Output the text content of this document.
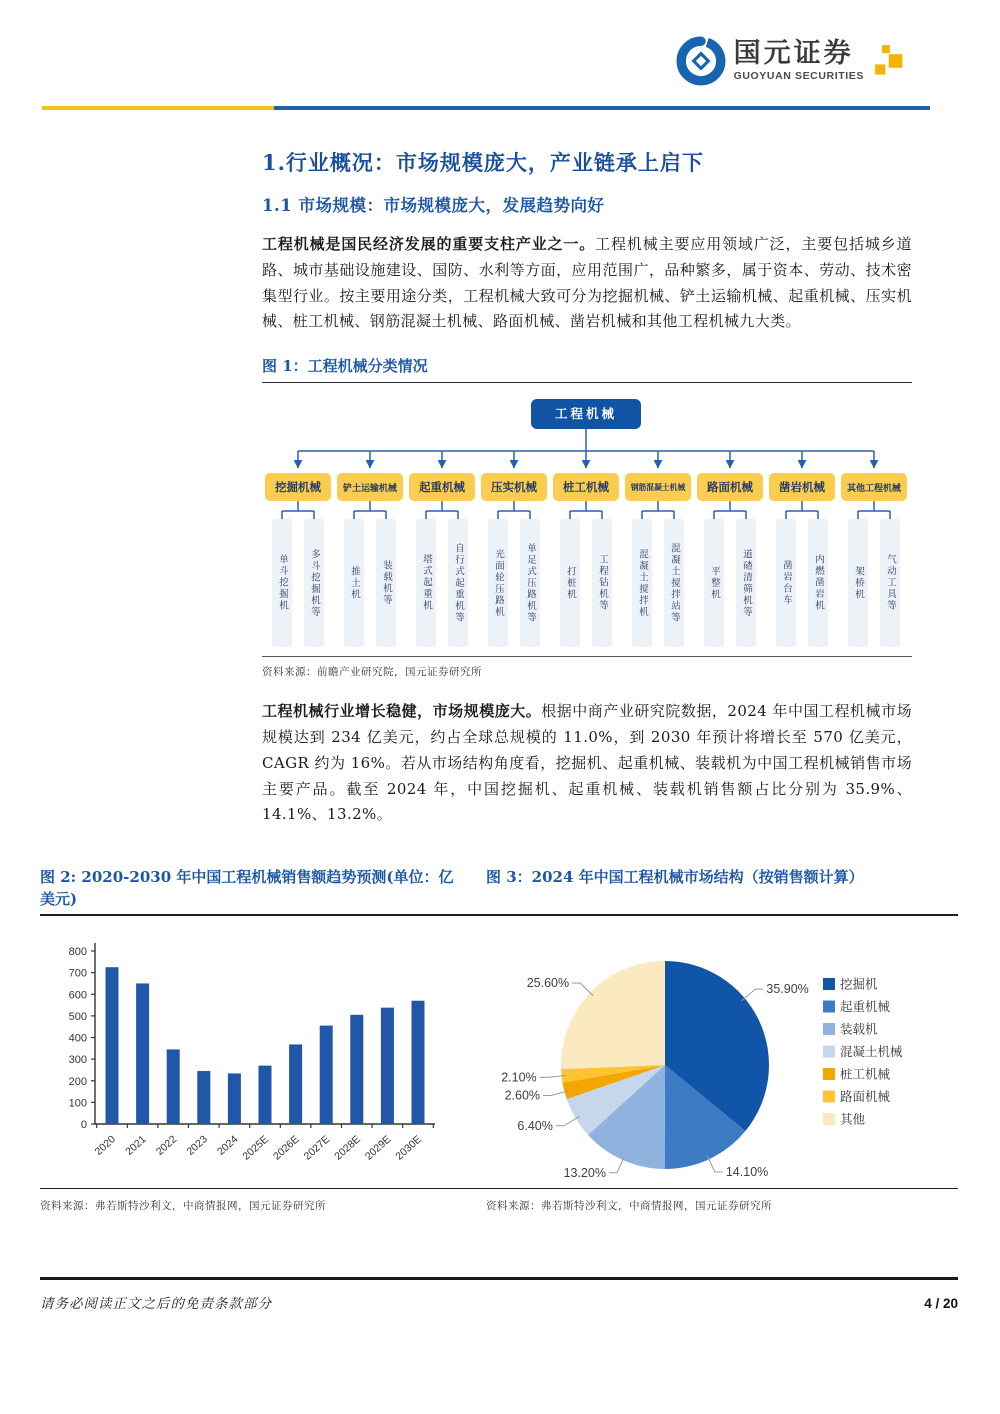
国元证券
GUOYUAN SECURITIES
1.行业概况：市场规模庞大，产业链承上启下
1.1 市场规模：市场规模庞大，发展趋势向好

工程机械是国民经济发展的重要支柱产业之一。工程机械主要应用领域广泛，主要包括城乡道路、城市基础设施建设、国防、水利等方面，应用范围广，品种繁多，属于资本、劳动、技术密集型行业。按主要用途分类，工程机械大致可分为挖掘机械、铲土运输机械、起重机械、压实机械、桩工机械、钢筋混凝土机械、路面机械、凿岩机械和其他工程机械九大类。

图 1：工程机械分类情况
工程机械
挖掘机械
单斗挖掘机	多斗挖掘机等
铲土运输机械
推土机	装载机等
起重机械
塔式起重机	自行式起重机等
压实机械
光面轮压路机	单足式压路机等
桩工机械
打桩机	工程钻机等
钢筋混凝土机械
混凝土搅拌机	混凝土搅拌站等
路面机械
平整机	道碴清筛机等
凿岩机械
凿岩台车	内燃凿岩机
其他工程机械
架桥机	气动工具等
资料来源：前瞻产业研究院，国元证券研究所

工程机械行业增长稳健，市场规模庞大。根据中商产业研究院数据，2024 年中国工程机械市场规模达到 234 亿美元，约占全球总规模的 11.0%，到 2030 年预计将增长至 570 亿美元，CAGR 约为 16%。若从市场结构角度看，挖掘机、起重机械、装载机为中国工程机械销售市场主要产品。截至 2024 年，中国挖掘机、起重机械、装载机销售额占比分别为 35.9%、14.1%、13.2%。

图 2: 2020-2030 年中国工程机械销售额趋势预测(单位：亿美元)
图 3：2024 年中国工程机械市场结构（按销售额计算）
0
100
200
300
400
500
600
700
800
2020 2021 2022 2023 2024 2025E 2026E 2027E 2028E 2029E 2030E
35.90%
14.10%
13.20%
6.40%
2.60%
2.10%
25.60%	挖掘机
起重机械
装载机
混凝土机械
桩工机械
路面机械
其他
资料来源：弗若斯特沙利文，中商情报网，国元证券研究所	资料来源：弗若斯特沙利文，中商情报网，国元证券研究所
请务必阅读正文之后的免责条款部分	4 / 20
